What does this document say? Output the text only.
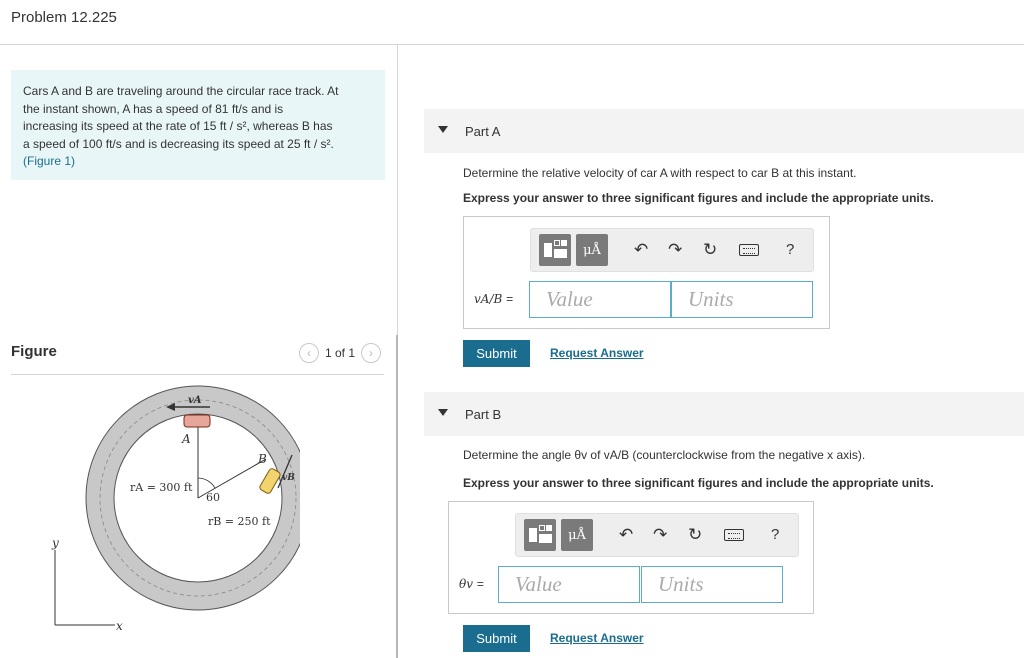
Problem 12.225
Cars A and B are traveling around the circular race track. At
the instant shown, A has a speed of 81 ft/s and is
increasing its speed at the rate of 15 ft / s², whereas B has
a speed of 100 ft/s and is decreasing its speed at 25 ft / s².
(Figure 1)
Figure	‹	1 of 1	›
vA
A
B
vB
rA = 300 ft
60
rB = 250 ft
y
x
Part A
Determine the relative velocity of car A with respect to car B at this instant.
Express your answer to three significant figures and include the appropriate units.
μÅ	↶ ↷ ↻	?
vA/B =	Value	Units
Submit	Request Answer
Part B
Determine the angle θv of vA/B (counterclockwise from the negative x axis).
Express your answer to three significant figures and include the appropriate units.
μÅ	↶ ↷ ↻	?
θv =	Value	Units
Submit	Request Answer
